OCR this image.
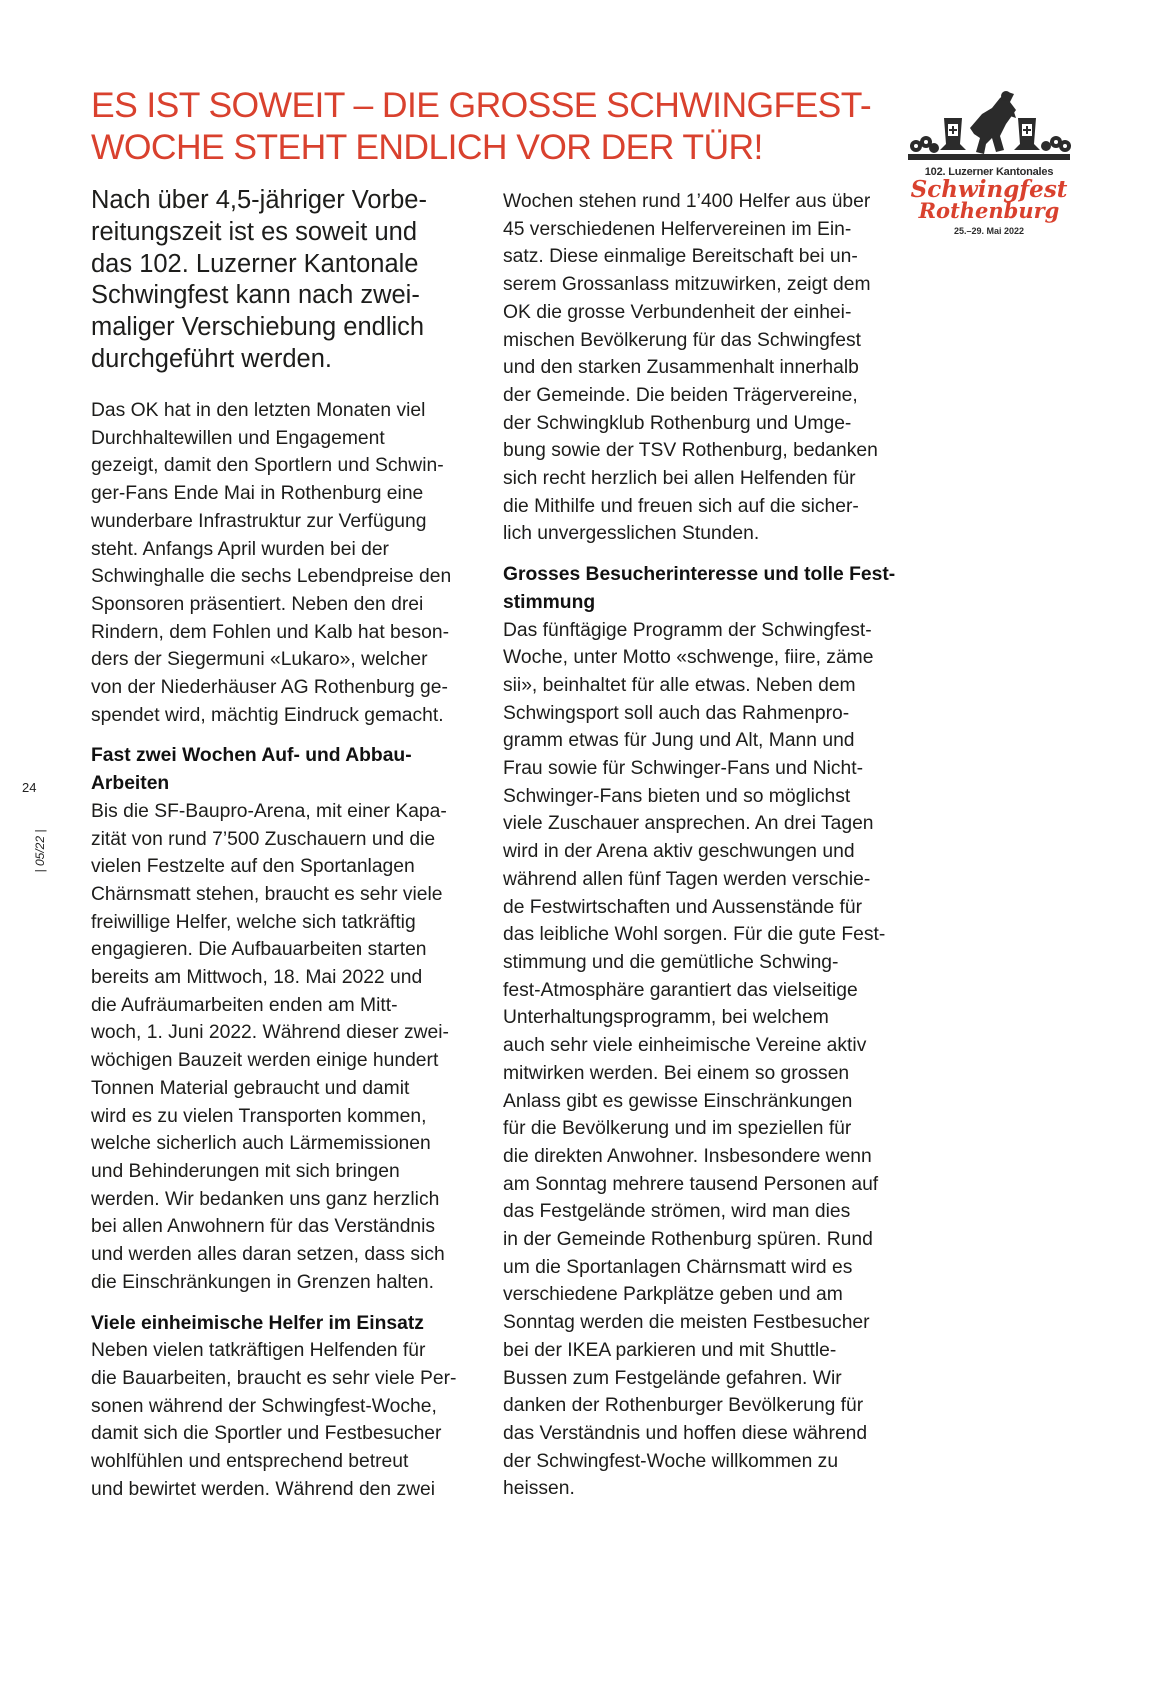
ES IST SOWEIT – DIE GROSSE SCHWINGFEST-
WOCHE STEHT ENDLICH VOR DER TÜR!
102. Luzerner Kantonales
Schwingfest
Rothenburg
25.–29. Mai 2022
24
| 05/22 |
Nach über 4,5-jähriger Vorbe-
reitungszeit ist es soweit und
das 102. Luzerner Kantonale
Schwingfest kann nach zwei-
maliger Verschiebung endlich
durchgeführt werden.
Das OK hat in den letzten Monaten viel
Durchhaltewillen und Engagement
gezeigt, damit den Sportlern und Schwin-
ger-Fans Ende Mai in Rothenburg eine
wunderbare Infrastruktur zur Verfügung
steht. Anfangs April wurden bei der
Schwinghalle die sechs Lebendpreise den
Sponsoren präsentiert. Neben den drei
Rindern, dem Fohlen und Kalb hat beson-
ders der Siegermuni «Lukaro», welcher
von der Niederhäuser AG Rothenburg ge-
spendet wird, mächtig Eindruck gemacht.
Fast zwei Wochen Auf- und Abbau-
Arbeiten
Bis die SF-Baupro-Arena, mit einer Kapa-
zität von rund 7’500 Zuschauern und die
vielen Festzelte auf den Sportanlagen
Chärnsmatt stehen, braucht es sehr viele
freiwillige Helfer, welche sich tatkräftig
engagieren. Die Aufbauarbeiten starten
bereits am Mittwoch, 18. Mai 2022 und
die Aufräumarbeiten enden am Mitt-
woch, 1. Juni 2022. Während dieser zwei-
wöchigen Bauzeit werden einige hundert
Tonnen Material gebraucht und damit
wird es zu vielen Transporten kommen,
welche sicherlich auch Lärmemissionen
und Behinderungen mit sich bringen
werden. Wir bedanken uns ganz herzlich
bei allen Anwohnern für das Verständnis
und werden alles daran setzen, dass sich
die Einschränkungen in Grenzen halten.
Viele einheimische Helfer im Einsatz
Neben vielen tatkräftigen Helfenden für
die Bauarbeiten, braucht es sehr viele Per-
sonen während der Schwingfest-Woche,
damit sich die Sportler und Festbesucher
wohlfühlen und entsprechend betreut
und bewirtet werden. Während den zwei
Wochen stehen rund 1’400 Helfer aus über
45 verschiedenen Helfervereinen im Ein-
satz. Diese einmalige Bereitschaft bei un-
serem Grossanlass mitzuwirken, zeigt dem
OK die grosse Verbundenheit der einhei-
mischen Bevölkerung für das Schwingfest
und den starken Zusammenhalt innerhalb
der Gemeinde. Die beiden Trägervereine,
der Schwingklub Rothenburg und Umge-
bung sowie der TSV Rothenburg, bedanken
sich recht herzlich bei allen Helfenden für
die Mithilfe und freuen sich auf die sicher-
lich unvergesslichen Stunden.
Grosses Besucherinteresse und tolle Fest-
stimmung
Das fünftägige Programm der Schwingfest-
Woche, unter Motto «schwenge, fiire, zäme
sii», beinhaltet für alle etwas. Neben dem
Schwingsport soll auch das Rahmenpro-
gramm etwas für Jung und Alt, Mann und
Frau sowie für Schwinger-Fans und Nicht-
Schwinger-Fans bieten und so möglichst
viele Zuschauer ansprechen. An drei Tagen
wird in der Arena aktiv geschwungen und
während allen fünf Tagen werden verschie-
de Festwirtschaften und Aussenstände für
das leibliche Wohl sorgen. Für die gute Fest-
stimmung und die gemütliche Schwing-
fest-Atmosphäre garantiert das vielseitige
Unterhaltungsprogramm, bei welchem
auch sehr viele einheimische Vereine aktiv
mitwirken werden. Bei einem so grossen
Anlass gibt es gewisse Einschränkungen
für die Bevölkerung und im speziellen für
die direkten Anwohner. Insbesondere wenn
am Sonntag mehrere tausend Personen auf
das Festgelände strömen, wird man dies
in der Gemeinde Rothenburg spüren. Rund
um die Sportanlagen Chärnsmatt wird es
verschiedene Parkplätze geben und am
Sonntag werden die meisten Festbesucher
bei der IKEA parkieren und mit Shuttle-
Bussen zum Festgelände gefahren. Wir
danken der Rothenburger Bevölkerung für
das Verständnis und hoffen diese während
der Schwingfest-Woche willkommen zu
heissen.
